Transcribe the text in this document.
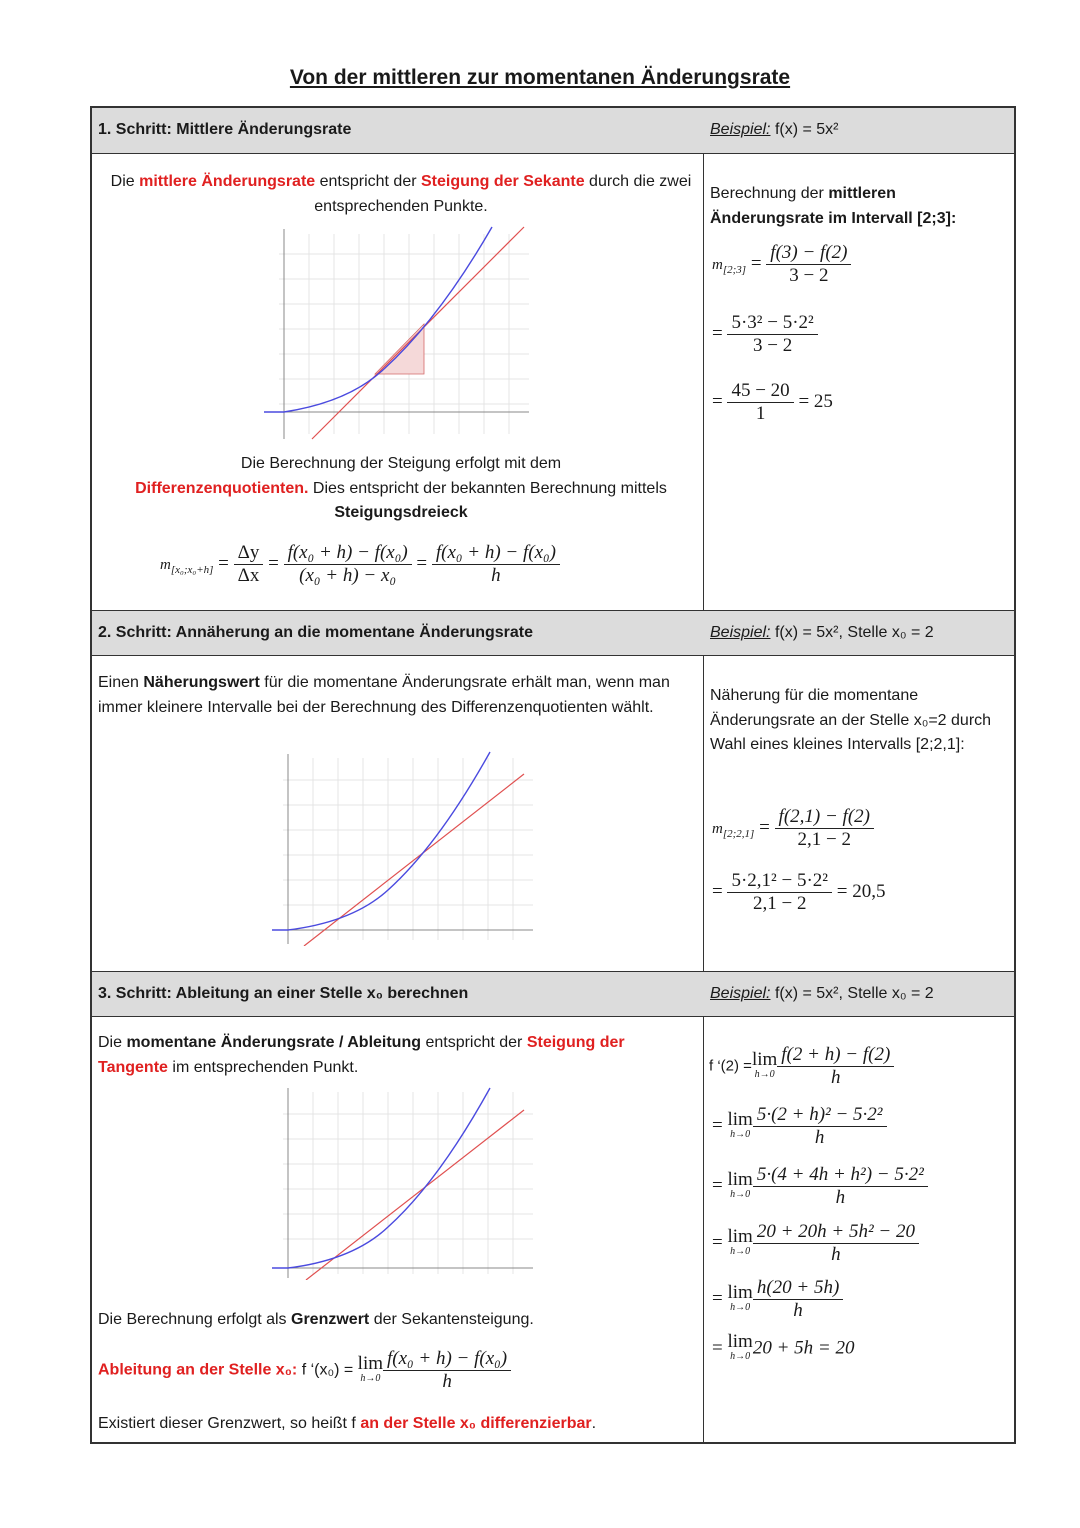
Von der mittleren zur momentanen Änderungsrate
1. Schritt: Mittlere Änderungsrate	Beispiel: f(x) = 5x²
Die mittlere Änderungsrate entspricht der Steigung der Sekante durch die zwei entsprechenden Punkte.
Die Berechnung der Steigung erfolgt mit dem
Differenzenquotienten. Dies entspricht der bekannten Berechnung mittels
Steigungsdreieck
$m_{[x_0;x_0+h]} = \frac{\Delta y}{\Delta x} = \frac{\text{f(x₀ + h) − f(x₀)}}{\text{(x₀ + h) − x₀}} = \frac{\text{f(x₀ + h) − f(x₀)}}{h}$
Berechnung der mittleren Änderungsrate im Intervall [2;3]:
$m_{[2;3]} = \frac{f(3) - f(2)}{3 - 2}$
= $\frac{\text{5·3² − 5·2²}}{3 - 2}$
= $\frac{45 - 20}{1} = 25$
2. Schritt: Annäherung an die momentane Änderungsrate	Beispiel: f(x) = 5x², Stelle x₀ = 2
Einen Näherungswert für die momentane Änderungsrate erhält man, wenn man immer kleinere Intervalle bei der Berechnung des Differenzenquotienten wählt.
Näherung für die momentane Änderungsrate an der Stelle x₀=2 durch Wahl eines kleines Intervalls [2;2,1]:
$m_{[2;2,1]} = \frac{f(2,1) - f(2)}{2,1 - 2}$
= $\frac{\text{5·2,1² − 5·2²}}{2,1 - 2} = 20,5$
3. Schritt: Ableitung an einer Stelle x₀ berechnen	Beispiel: f(x) = 5x², Stelle x₀ = 2
Die momentane Änderungsrate / Ableitung entspricht der Steigung der Tangente im entsprechenden Punkt.
Die Berechnung erfolgt als Grenzwert der Sekantensteigung.
Ableitung an der Stelle x₀: f ‘(x₀) = lim
$h\to 0 \frac{\text{f(x₀ + h) − f(x₀)}}{h}$
Existiert dieser Grenzwert, so heißt f an der Stelle x₀ differenzierbar.
f ‘(2) =lim
$h\to 0 \frac{f(2 + h) - f(2)}{h}$
= lim
$h\to 0 \frac{\text{5·(2 + h)² − 5·2²}}{h}$
= lim
$h\to 0 \frac{\text{5·(4 + 4h + h²) − 5·2²}}{h}$
= lim
$h\to 0 \frac{\text{20 + 20h + 5h² − 20}}{h}$
= lim
$h\to 0 \frac{h(20 + 5h)}{h}$
= lim
h→0 20 + 5h = 20
